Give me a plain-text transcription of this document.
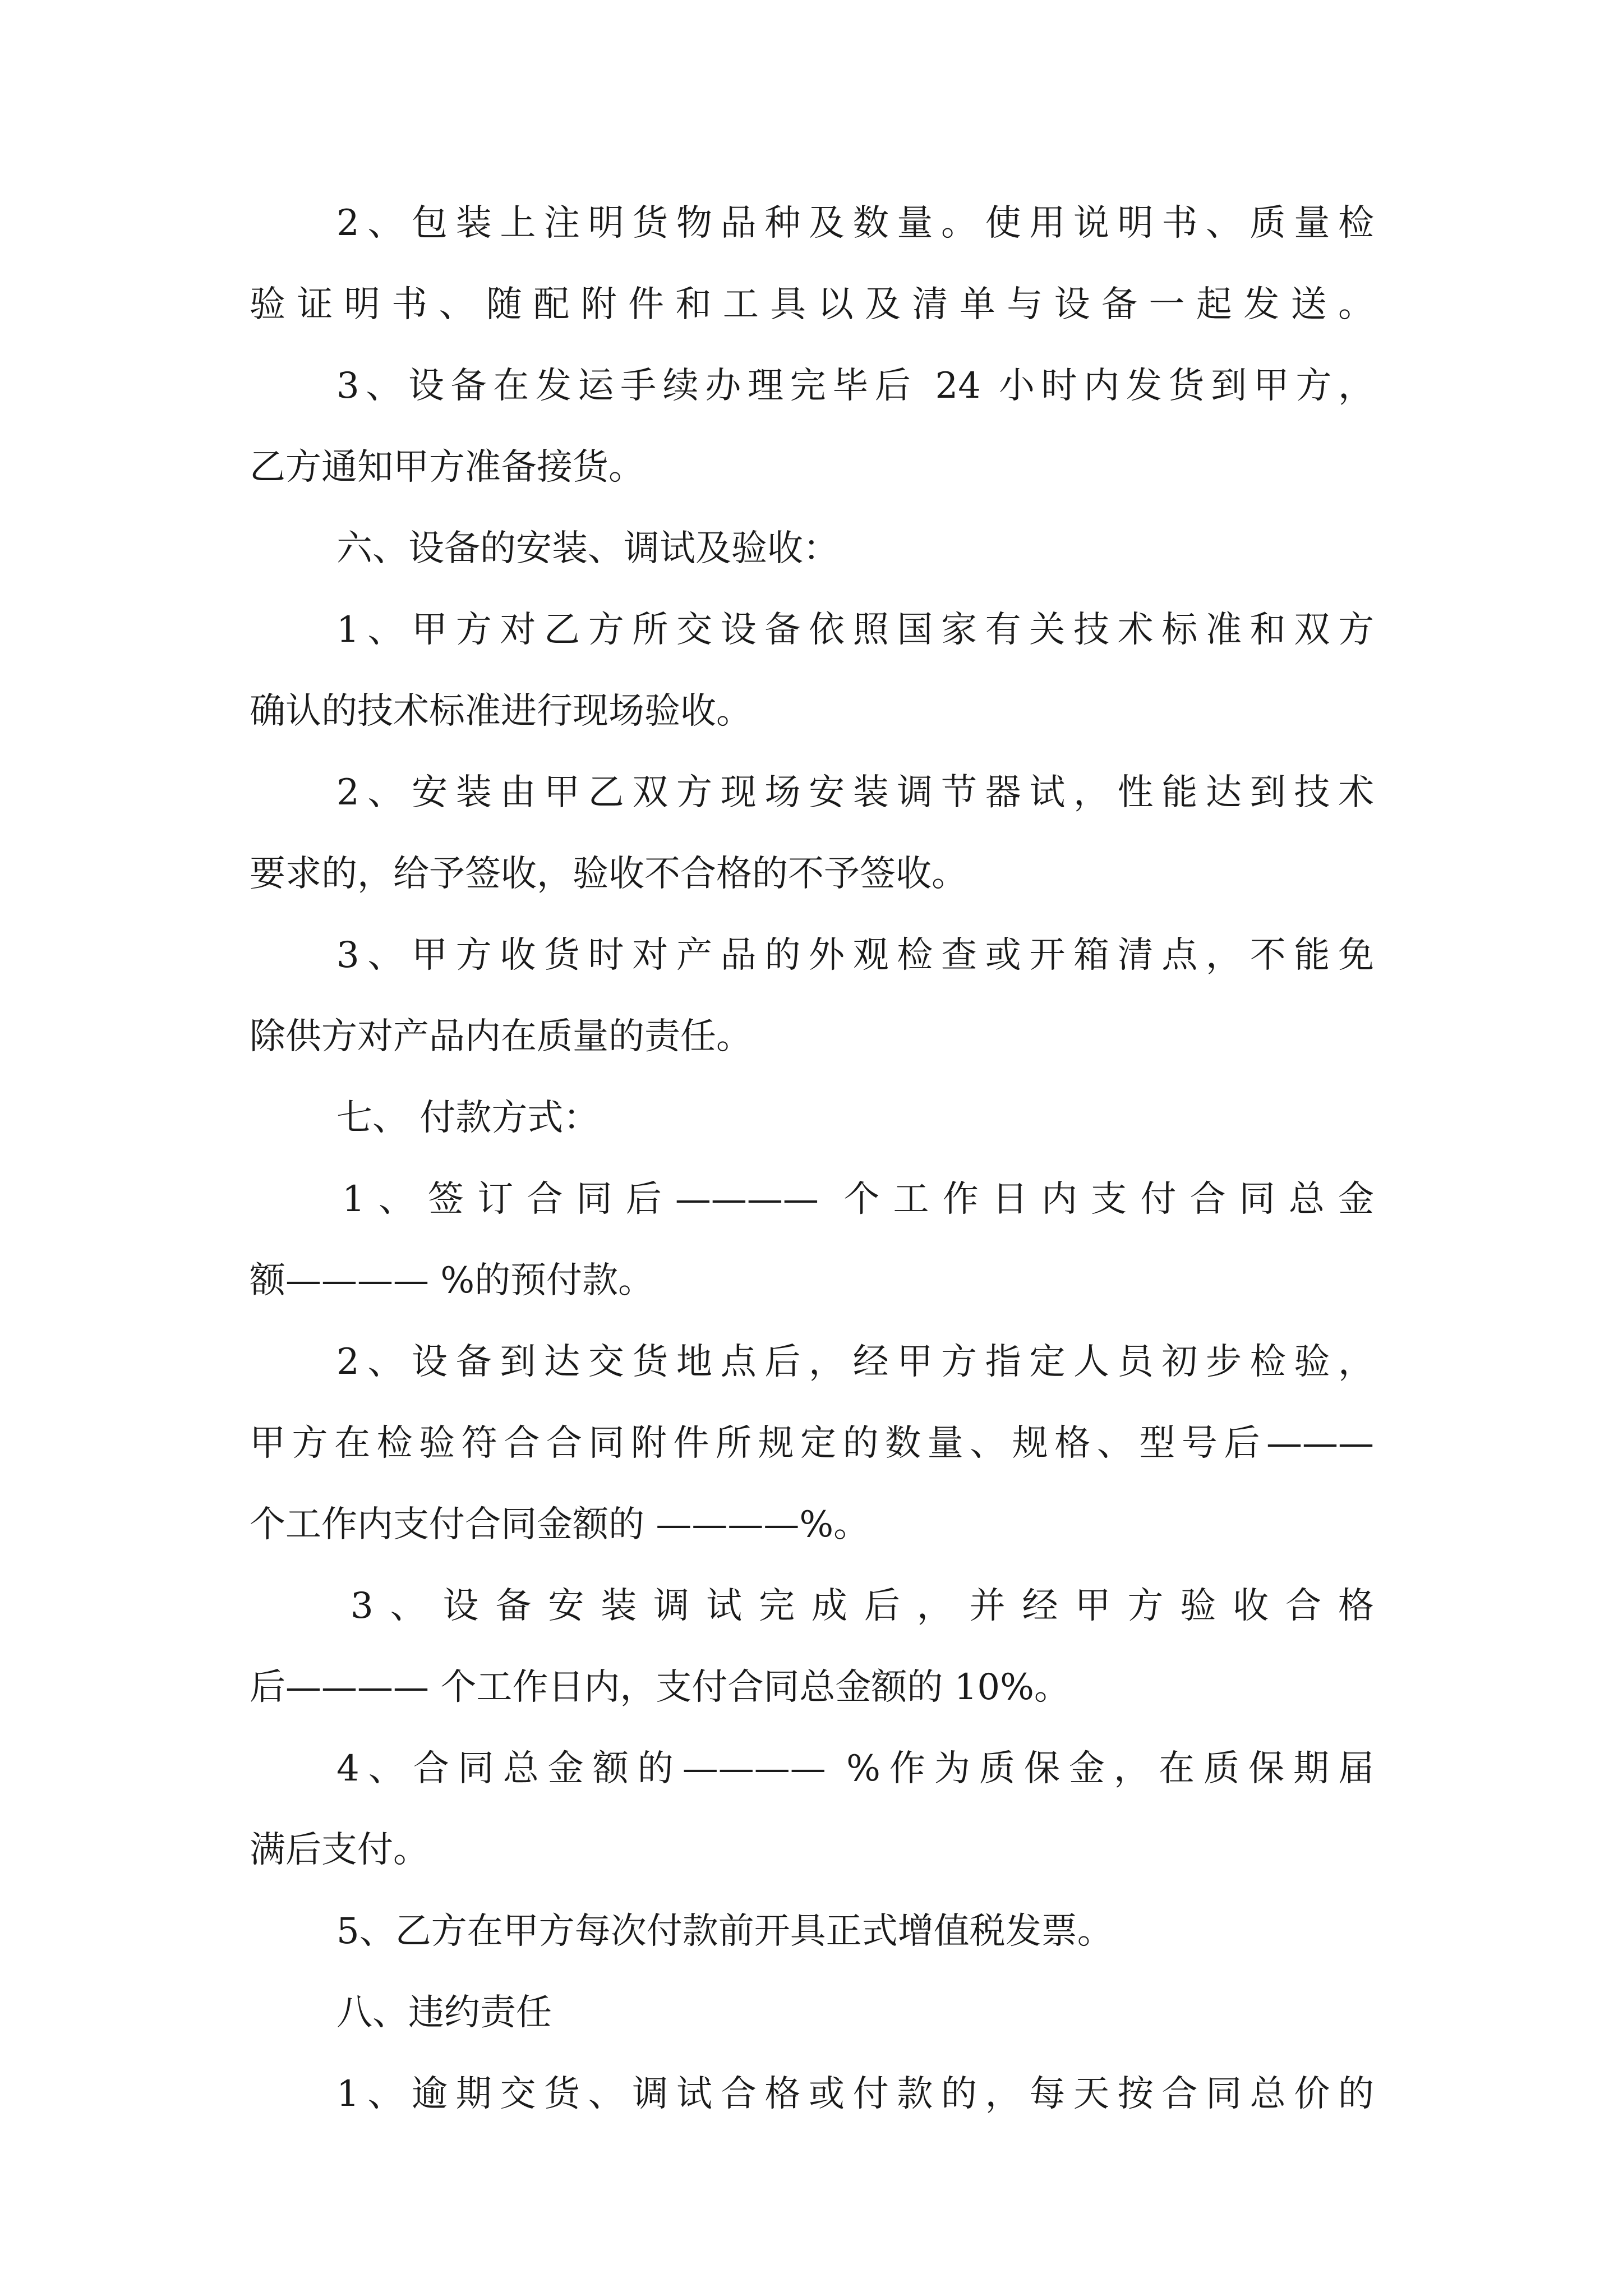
2、包装上注明货物品种及数量。使用说明书、质量检
验证明书、随配附件和工具以及清单与设备一起发送。
3、设备在发运手续办理完毕后 24 小时内发货到甲方，
乙方通知甲方准备接货。
六、设备的安装、调试及验收：
1、甲方对乙方所交设备依照国家有关技术标准和双方
确认的技术标准进行现场验收。
2、安装由甲乙双方现场安装调节器试，性能达到技术
要求的，给予签收，验收不合格的不予签收。
3、甲方收货时对产品的外观检查或开箱清点，不能免
除供方对产品内在质量的责任。
七、 付款方式：
1、签订合同后———— 个工作日内支付合同总金
额———— %的预付款。
2、设备到达交货地点后，经甲方指定人员初步检验，
甲方在检验符合合同附件所规定的数量、规格、型号后———
个工作内支付合同金额的 ————%。
3、设备安装调试完成后，并经甲方验收合格
后———— 个工作日内，支付合同总金额的 10%。
4、合同总金额的———— %作为质保金，在质保期届
满后支付。
5、乙方在甲方每次付款前开具正式增值税发票。
八、违约责任
1、逾期交货、调试合格或付款的，每天按合同总价的
